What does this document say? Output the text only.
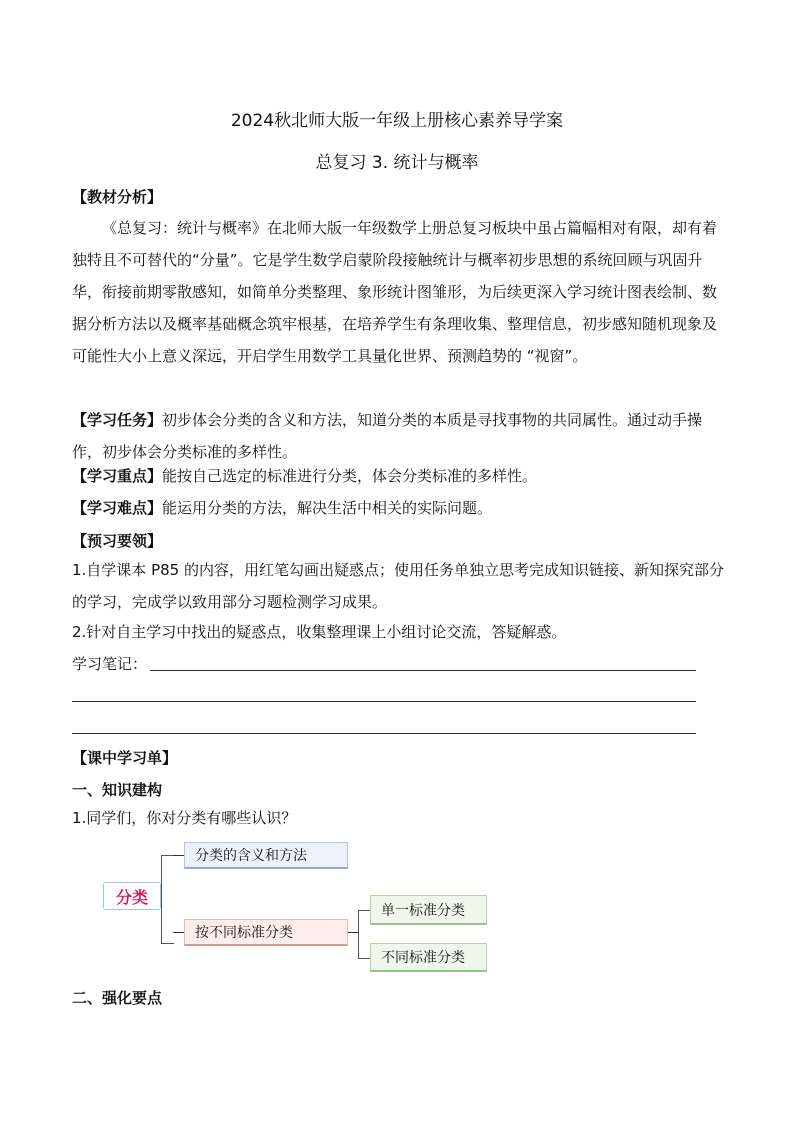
2024秋北师大版一年级上册核心素养导学案
总复习 3. 统计与概率
【教材分析】
《总复习：统计与概率》在北师大版一年级数学上册总复习板块中虽占篇幅相对有限，却有着独特且不可替代的“分量”。它是学生数学启蒙阶段接触统计与概率初步思想的系统回顾与巩固升华，衔接前期零散感知，如简单分类整理、象形统计图雏形，为后续更深入学习统计图表绘制、数据分析方法以及概率基础概念筑牢根基，在培养学生有条理收集、整理信息，初步感知随机现象及可能性大小上意义深远，开启学生用数学工具量化世界、预测趋势的 “视窗”。
【学习任务】初步体会分类的含义和方法，知道分类的本质是寻找事物的共同属性。通过动手操作，初步体会分类标准的多样性。
【学习重点】能按自己选定的标准进行分类，体会分类标准的多样性。
【学习难点】能运用分类的方法，解决生活中相关的实际问题。
【预习要领】
1.自学课本 P85 的内容，用红笔勾画出疑惑点；使用任务单独立思考完成知识链接、新知探究部分的学习，完成学以致用部分习题检测学习成果。
2.针对自主学习中找出的疑惑点，收集整理课上小组讨论交流，答疑解惑。
学习笔记：
【课中学习单】
一、知识建构
1.同学们，你对分类有哪些认识？
分类
分类的含义和方法
按不同标准分类
单一标准分类
不同标准分类
二、强化要点
